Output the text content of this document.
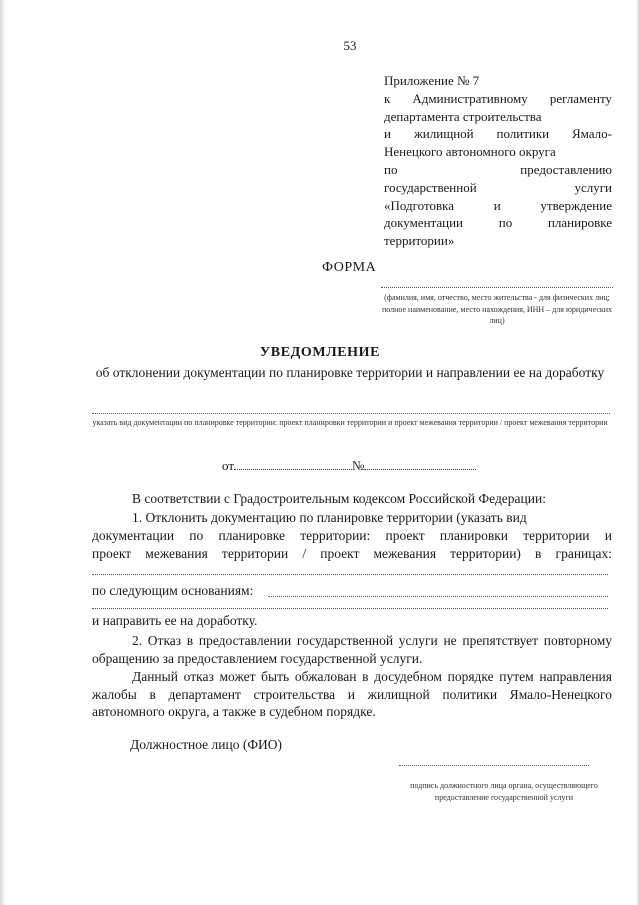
53
Приложение № 7
к Административному регламенту
департамента строительства
и жилищной политики Ямало-
Ненецкого автономного округа
по предоставлению
государственной услуги
«Подготовка и утверждение
документации по планировке
территории»
ФОРМА
(фамилия, имя, отчество, место жительства - для физических лиц; полное наименование, место нахождения, ИНН – для юридических лиц)
УВЕДОМЛЕНИЕ
об отклонении документации по планировке территории и направлении ее на доработку
указать вид документации по планировке территории: проект планировки территории и проект межевания территории / проект межевания территории
от	№
В соответствии с Градостроительным кодексом Российской Федерации:
1. Отклонить документацию по планировке территории (указать вид
документации по планировке территории: проект планировки территории и
проект межевания территории / проект межевания территории) в границах:
по следующим основаниям:
и направить ее на доработку.
2. Отказ в предоставлении государственной услуги не препятствует повторному обращению за предоставлением государственной услуги.
Данный отказ может быть обжалован в досудебном порядке путем направления жалобы в департамент строительства и жилищной политики Ямало-Ненецкого автономного округа, а также в судебном порядке.
Должностное лицо (ФИО)
подпись должностного лица органа, осуществляющего предоставление государственной услуги
